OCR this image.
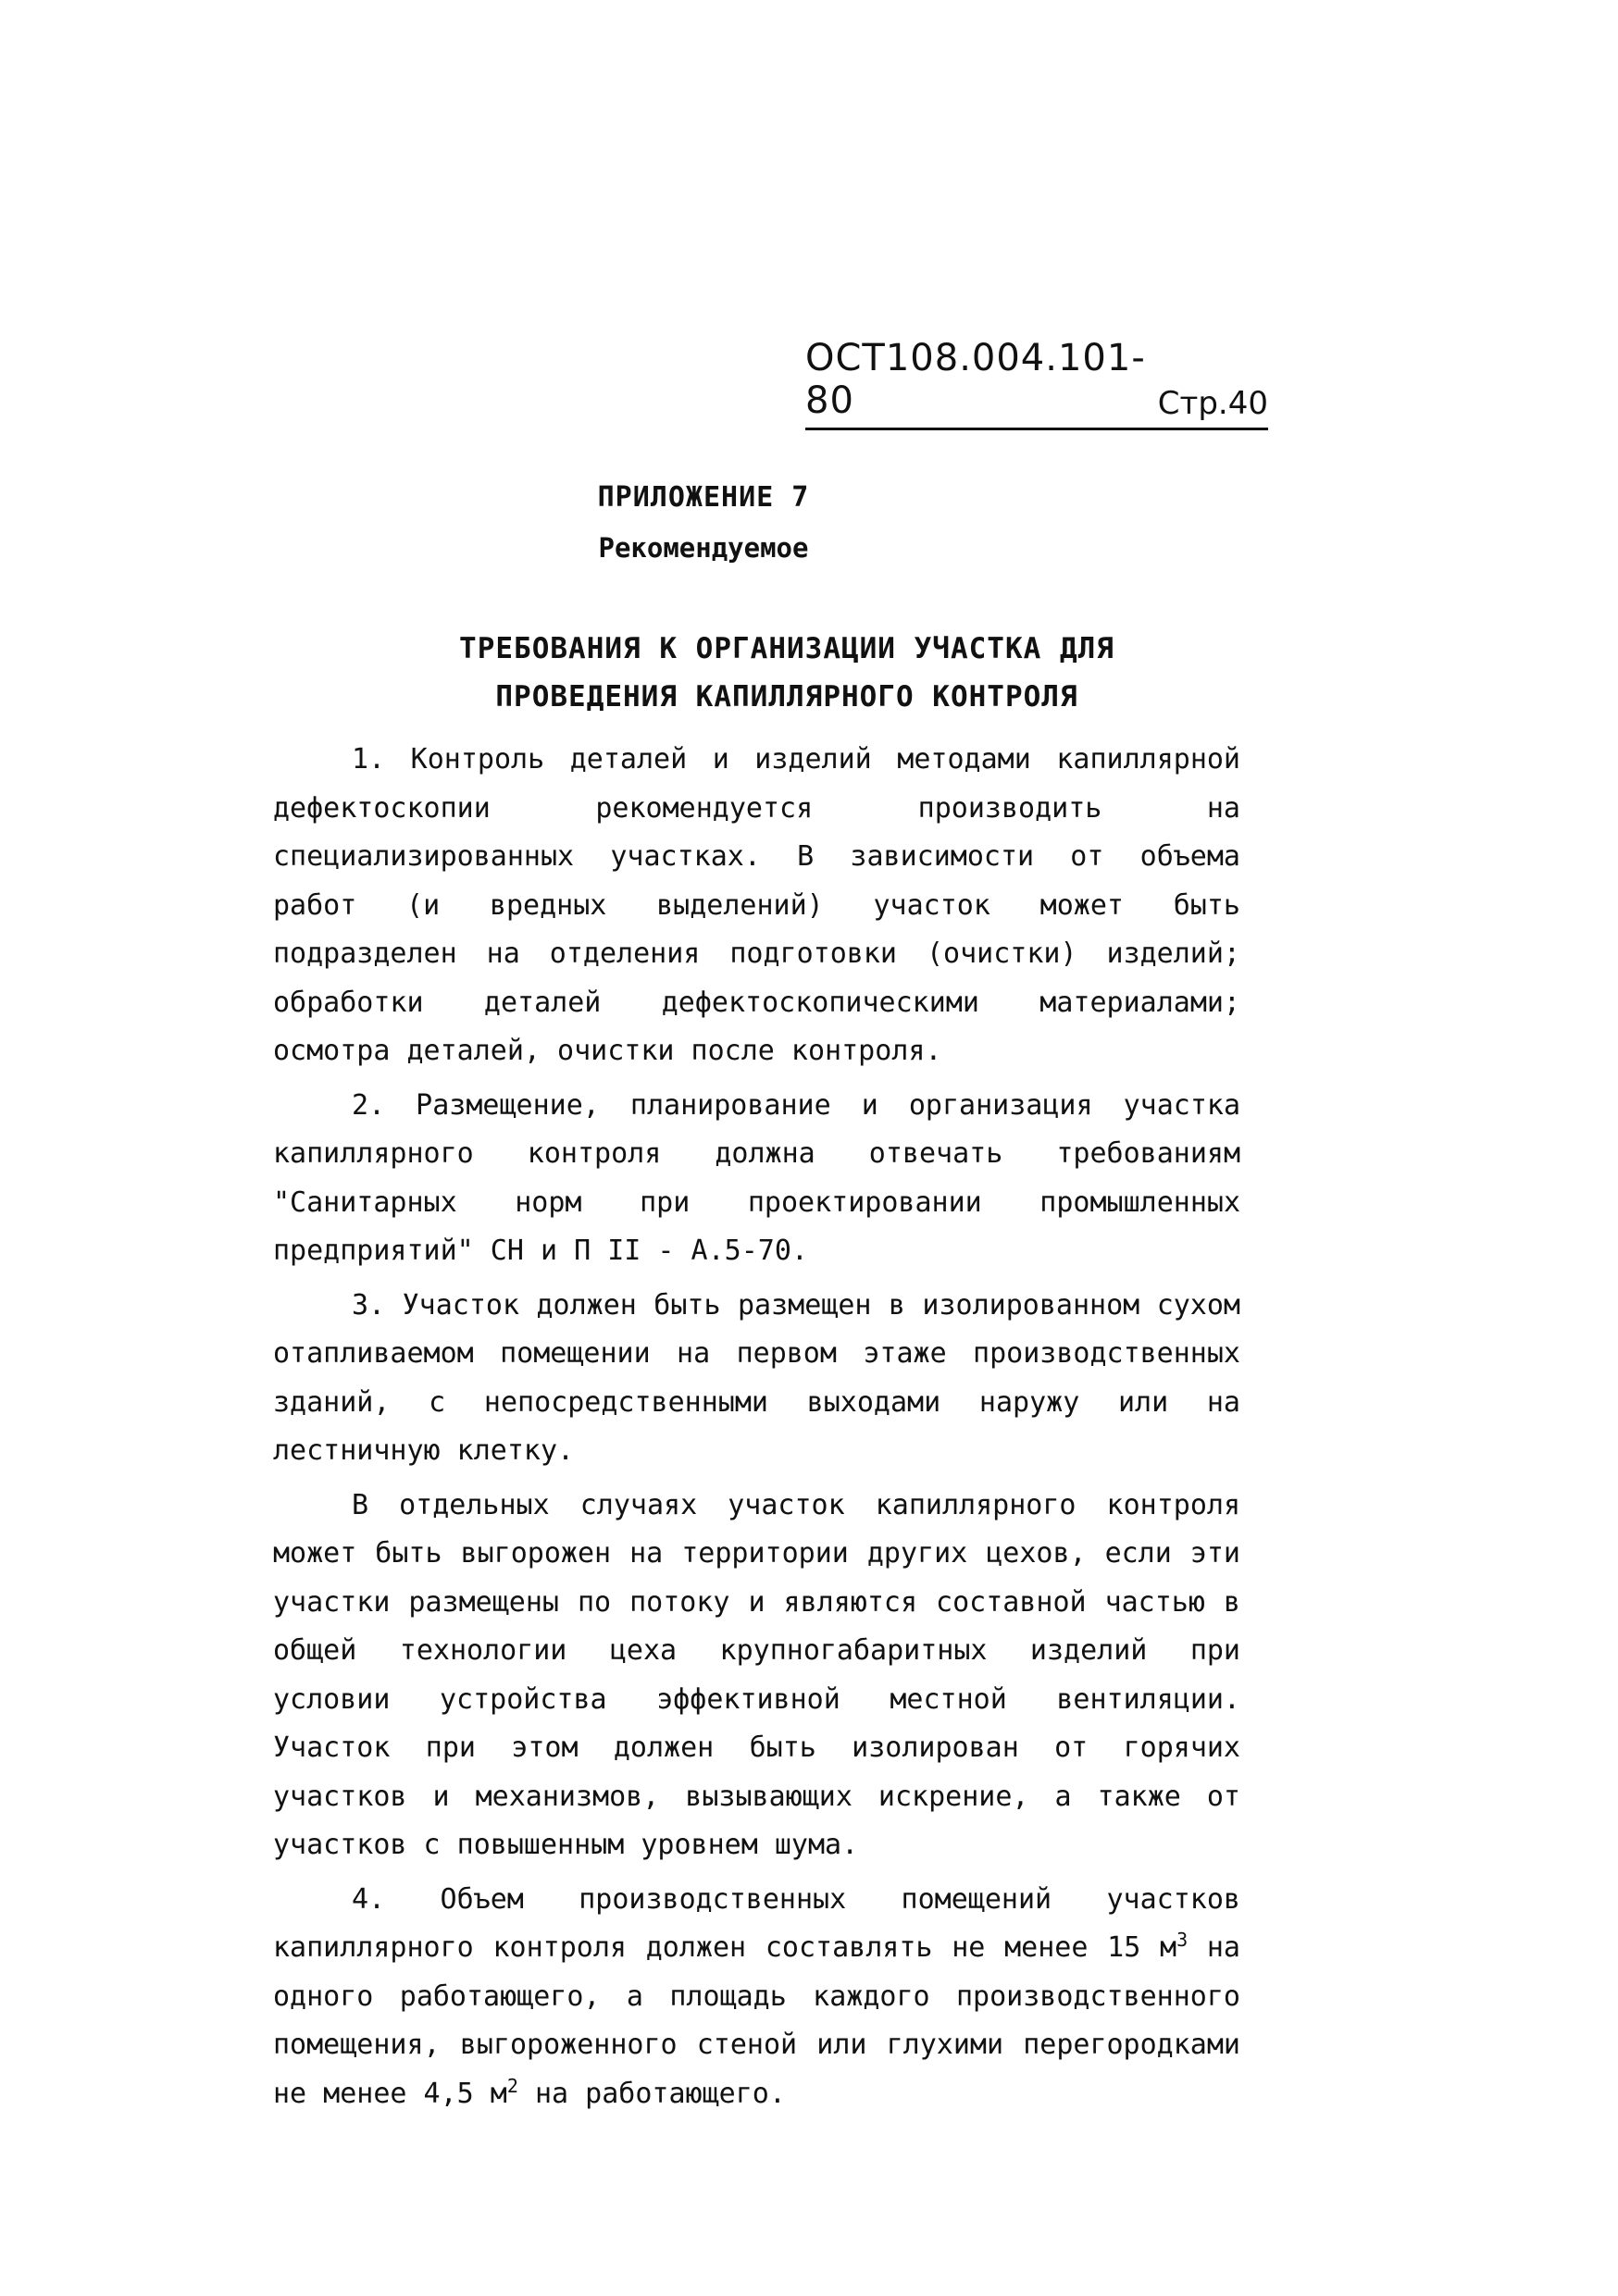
ОСТ108.004.101-80	Стр.40
ПРИЛОЖЕНИЕ 7
Рекомендуемое
ТРЕБОВАНИЯ К ОРГАНИЗАЦИИ УЧАСТКА ДЛЯ
ПРОВЕДЕНИЯ КАПИЛЛЯРНОГО КОНТРОЛЯ

1. Контроль деталей и изделий методами капиллярной дефектоскопии рекомендуется производить на специализированных участках. В зависимости от объема работ (и вредных выделений) участок может быть подразделен на отделения подготовки (очистки) изделий; обработки деталей дефектоскопическими материалами; осмотра деталей, очистки после контроля.

2. Размещение, планирование и организация участка капиллярного контроля должна отвечать требованиям "Санитарных норм при проектировании промышленных предприятий" СН и П II - А.5-70.

3. Участок должен быть размещен в изолированном сухом отапливаемом помещении на первом этаже производственных зданий, с непосредственными выходами наружу или на лестничную клетку.

В отдельных случаях участок капиллярного контроля может быть выгорожен на территории других цехов, если эти участки размещены по потоку и являются составной частью в общей технологии цеха крупногабаритных изделий при условии устройства эффективной местной вентиляции. Участок при этом должен быть изолирован от горячих участков и механизмов, вызывающих искрение, а также от участков с повышенным уровнем шума.

4. Объем производственных помещений участков капиллярного контроля должен составлять не менее 15 $м^3$ на одного работающего, а площадь каждого производственного помещения, выгороженного стеной или глухими перегородками не менее 4,5 $м^2$ на работающего.
